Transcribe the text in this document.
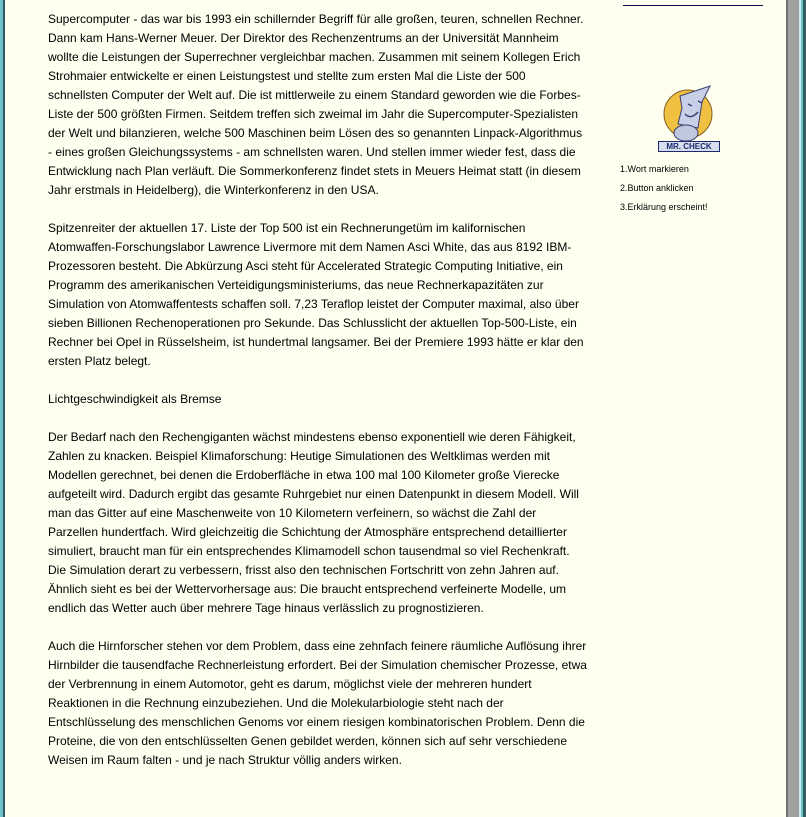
Supercomputer - das war bis 1993 ein schillernder Begriff für alle großen, teuren, schnellen Rechner. Dann kam Hans-Werner Meuer. Der Direktor des Rechenzentrums an der Universität Mannheim wollte die Leistungen der Superrechner vergleichbar machen. Zusammen mit seinem Kollegen Erich Strohmaier entwickelte er einen Leistungstest und stellte zum ersten Mal die Liste der 500 schnellsten Computer der Welt auf. Die ist mittlerweile zu einem Standard geworden wie die Forbes-Liste der 500 größten Firmen. Seitdem treffen sich zweimal im Jahr die Supercomputer-Spezialisten der Welt und bilanzieren, welche 500 Maschinen beim Lösen des so genannten Linpack-Algorithmus - eines großen Gleichungssystems - am schnellsten waren. Und stellen immer wieder fest, dass die Entwicklung nach Plan verläuft. Die Sommerkonferenz findet stets in Meuers Heimat statt (in diesem Jahr erstmals in Heidelberg), die Winterkonferenz in den USA.

Spitzenreiter der aktuellen 17. Liste der Top 500 ist ein Rechnerungetüm im kalifornischen Atomwaffen-Forschungslabor Lawrence Livermore mit dem Namen Asci White, das aus 8192 IBM-Prozessoren besteht. Die Abkürzung Asci steht für Accelerated Strategic Computing Initiative, ein Programm des amerikanischen Verteidigungsministeriums, das neue Rechnerkapazitäten zur Simulation von Atomwaffentests schaffen soll. 7,23 Teraflop leistet der Computer maximal, also über sieben Billionen Rechenoperationen pro Sekunde. Das Schlusslicht der aktuellen Top-500-Liste, ein Rechner bei Opel in Rüsselsheim, ist hundertmal langsamer. Bei der Premiere 1993 hätte er klar den ersten Platz belegt.

Lichtgeschwindigkeit als Bremse

Der Bedarf nach den Rechengiganten wächst mindestens ebenso exponentiell wie deren Fähigkeit, Zahlen zu knacken. Beispiel Klimaforschung: Heutige Simulationen des Weltklimas werden mit Modellen gerechnet, bei denen die Erdoberfläche in etwa 100 mal 100 Kilometer große Vierecke aufgeteilt wird. Dadurch ergibt das gesamte Ruhrgebiet nur einen Datenpunkt in diesem Modell. Will man das Gitter auf eine Maschenweite von 10 Kilometern verfeinern, so wächst die Zahl der Parzellen hundertfach. Wird gleichzeitig die Schichtung der Atmosphäre entsprechend detaillierter simuliert, braucht man für ein entsprechendes Klimamodell schon tausendmal so viel Rechenkraft. Die Simulation derart zu verbessern, frisst also den technischen Fortschritt von zehn Jahren auf. Ähnlich sieht es bei der Wettervorhersage aus: Die braucht entsprechend verfeinerte Modelle, um endlich das Wetter auch über mehrere Tage hinaus verlässlich zu prognostizieren.

Auch die Hirnforscher stehen vor dem Problem, dass eine zehnfach feinere räumliche Auflösung ihrer Hirnbilder die tausendfache Rechnerleistung erfordert. Bei der Simulation chemischer Prozesse, etwa der Verbrennung in einem Automotor, geht es darum, möglichst viele der mehreren hundert Reaktionen in die Rechnung einzubeziehen. Und die Molekularbiologie steht nach der Entschlüsselung des menschlichen Genoms vor einem riesigen kombinatorischen Problem. Denn die Proteine, die von den entschlüsselten Genen gebildet werden, können sich auf sehr verschiedene Weisen im Raum falten - und je nach Struktur völlig anders wirken.

MR. CHECK
1.Wort markieren
2.Button anklicken
3.Erklärung erscheint!
